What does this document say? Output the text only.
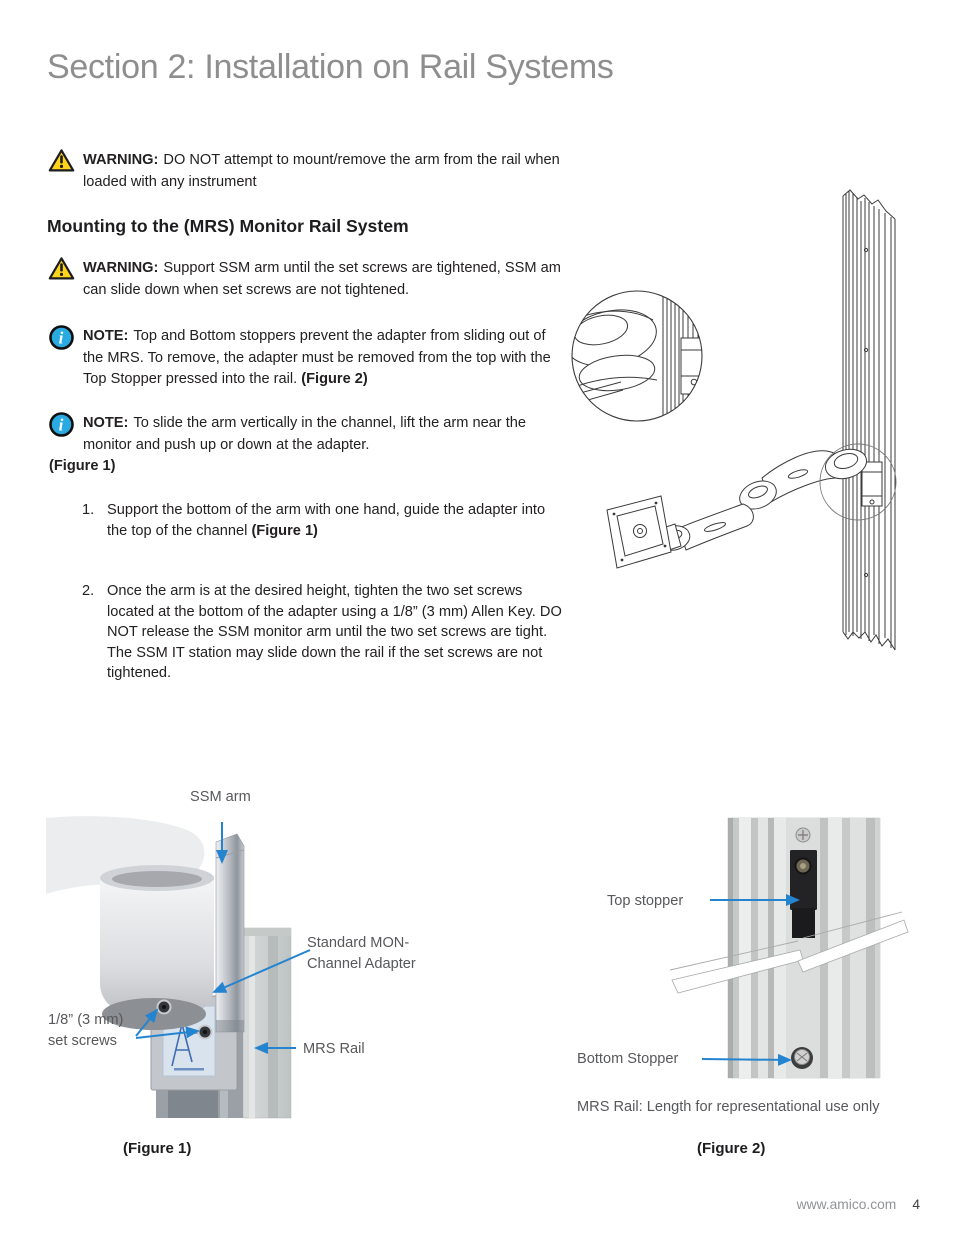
Section 2: Installation on Rail Systems

WARNING: DO NOT attempt to mount/remove the arm from the rail when loaded with any instrument

Mounting to the (MRS) Monitor Rail System

WARNING: Support SSM arm until the set screws are tightened, SSM am can slide down when set screws are not tightened.

i NOTE: Top and Bottom stoppers prevent the adapter from sliding out of the MRS. To remove, the adapter must be removed from the top with the Top Stopper pressed into the rail. (Figure 2)

i	NOTE: To slide the arm vertically in the channel, lift the arm near the monitor and push up or down at the adapter.
(Figure 1)

1. Support the bottom of the arm with one hand, guide the adapter into the top of the channel (Figure 1)

2. Once the arm is at the desired height, tighten the two set screws located at the bottom of the adapter using a 1/8” (3 mm) Allen Key. DO NOT release the SSM monitor arm until the two set screws are tight. The SSM IT station may slide down the rail if the set screws are not tightened.

SSM arm
Standard MON-
Channel Adapter
1/8” (3 mm)
set screws	MRS Rail
Top stopper
Bottom Stopper
MRS Rail: Length for representational use only
(Figure 1)	(Figure 2)
www.amico.com 4
